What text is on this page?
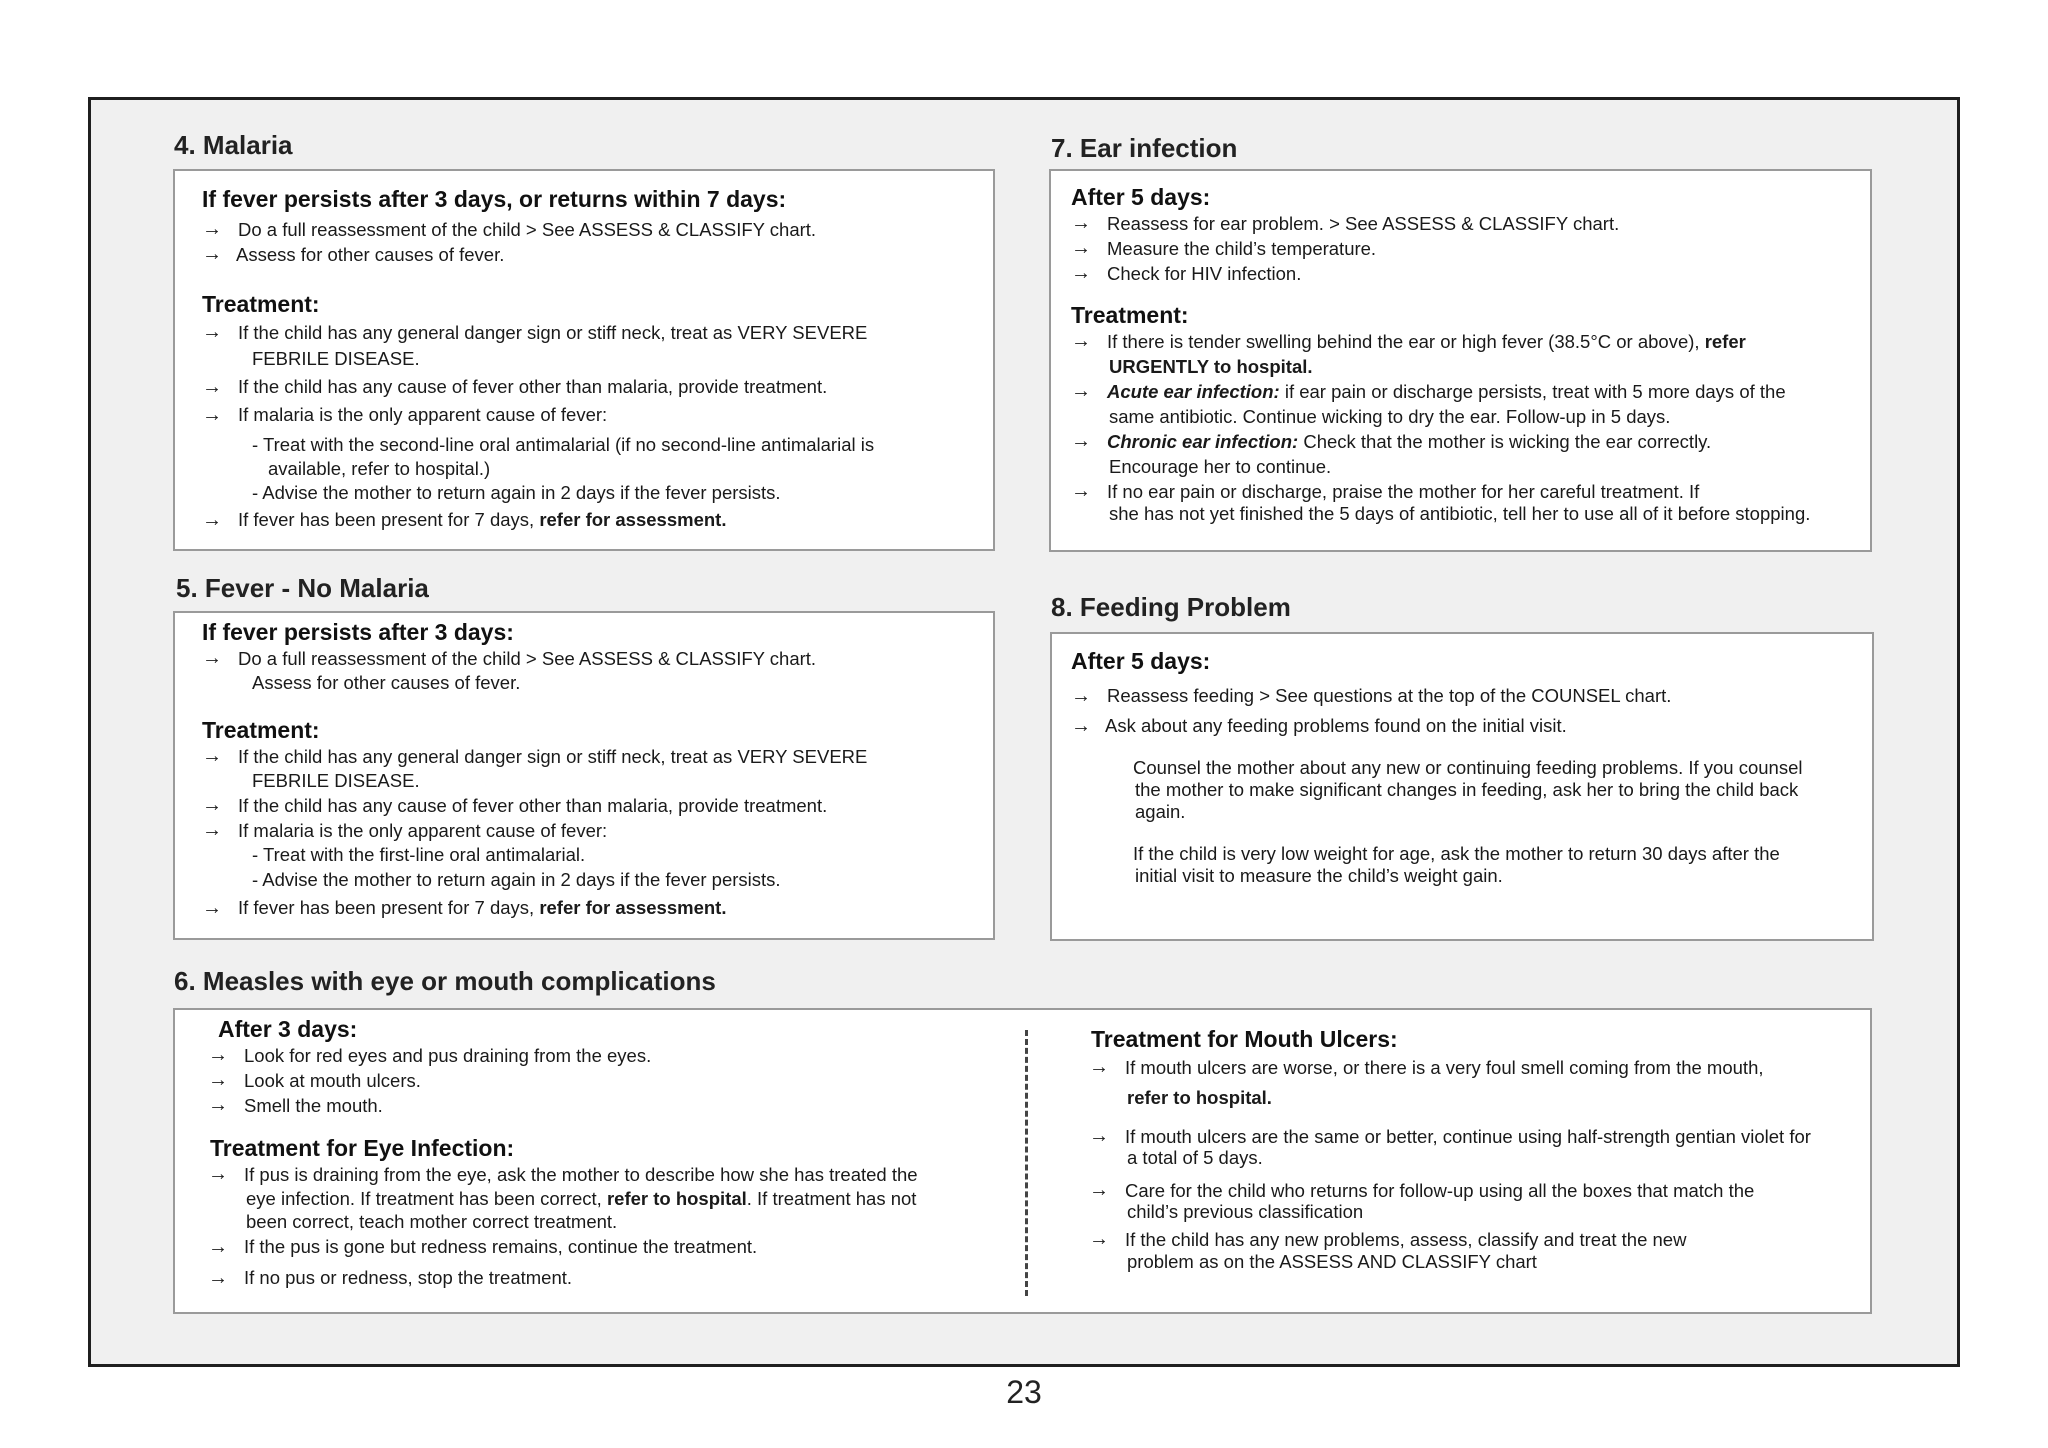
4. Malaria
If fever persists after 3 days, or returns within 7 days:
→ Do a full reassessment of the child > See ASSESS & CLASSIFY chart.
→ Assess for other causes of fever.
Treatment:
→ If the child has any general danger sign or stiff neck, treat as VERY SEVERE
FEBRILE DISEASE.
→ If the child has any cause of fever other than malaria, provide treatment.
→ If malaria is the only apparent cause of fever:
- Treat with the second-line oral antimalarial (if no second-line antimalarial is
available, refer to hospital.)
- Advise the mother to return again in 2 days if the fever persists.
→ If fever has been present for 7 days, refer for assessment.
5. Fever - No Malaria
If fever persists after 3 days:
→ Do a full reassessment of the child > See ASSESS & CLASSIFY chart.
Assess for other causes of fever.
Treatment:
→ If the child has any general danger sign or stiff neck, treat as VERY SEVERE
FEBRILE DISEASE.
→ If the child has any cause of fever other than malaria, provide treatment.
→ If malaria is the only apparent cause of fever:
- Treat with the first-line oral antimalarial.
- Advise the mother to return again in 2 days if the fever persists.
→ If fever has been present for 7 days, refer for assessment.
7. Ear infection
After 5 days:
→ Reassess for ear problem. > See ASSESS & CLASSIFY chart.
→ Measure the child’s temperature.
→ Check for HIV infection.
Treatment:
→ If there is tender swelling behind the ear or high fever (38.5°C or above), refer
URGENTLY to hospital.
→ Acute ear infection: if ear pain or discharge persists, treat with 5 more days of the
same antibiotic. Continue wicking to dry the ear. Follow-up in 5 days.
→ Chronic ear infection: Check that the mother is wicking the ear correctly.
Encourage her to continue.
→ If no ear pain or discharge, praise the mother for her careful treatment. If
she has not yet finished the 5 days of antibiotic, tell her to use all of it before stopping.
8. Feeding Problem
After 5 days:
→ Reassess feeding > See questions at the top of the COUNSEL chart.
→ Ask about any feeding problems found on the initial visit.
Counsel the mother about any new or continuing feeding problems. If you counsel
the mother to make significant changes in feeding, ask her to bring the child back
again.
If the child is very low weight for age, ask the mother to return 30 days after the
initial visit to measure the child’s weight gain.
6. Measles with eye or mouth complications
After 3 days:
→ Look for red eyes and pus draining from the eyes.
→ Look at mouth ulcers.
→ Smell the mouth.
Treatment for Eye Infection:
→ If pus is draining from the eye, ask the mother to describe how she has treated the
eye infection. If treatment has been correct, refer to hospital. If treatment has not
been correct, teach mother correct treatment.
→ If the pus is gone but redness remains, continue the treatment.
→ If no pus or redness, stop the treatment.
Treatment for Mouth Ulcers:
→ If mouth ulcers are worse, or there is a very foul smell coming from the mouth,
refer to hospital.
→ If mouth ulcers are the same or better, continue using half-strength gentian violet for
a total of 5 days.
→ Care for the child who returns for follow-up using all the boxes that match the
child’s previous classification
→ If the child has any new problems, assess, classify and treat the new
problem as on the ASSESS AND CLASSIFY chart
23
